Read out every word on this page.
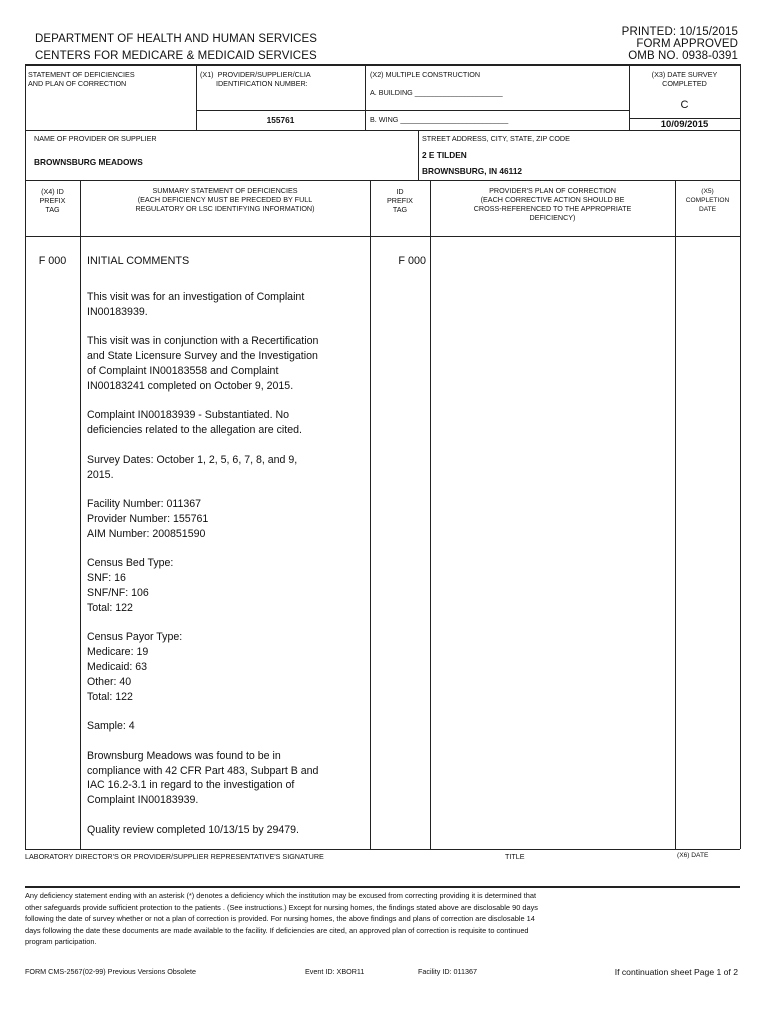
DEPARTMENT OF HEALTH AND HUMAN SERVICES
CENTERS FOR MEDICARE & MEDICAID SERVICES
PRINTED: 10/15/2015
FORM APPROVED
OMB NO. 0938-0391
STATEMENT OF DEFICIENCIES
AND PLAN OF CORRECTION
(X1)  PROVIDER/SUPPLIER/CLIA
IDENTIFICATION NUMBER:
155761
(X2) MULTIPLE CONSTRUCTION
A. BUILDING ______________________
B. WING ___________________________
(X3) DATE SURVEY
COMPLETED
C
10/09/2015
NAME OF PROVIDER OR SUPPLIER
BROWNSBURG MEADOWS
STREET ADDRESS, CITY, STATE, ZIP CODE
2 E TILDEN
BROWNSBURG, IN 46112
(X4) ID
PREFIX
TAG
SUMMARY STATEMENT OF DEFICIENCIES
(EACH DEFICIENCY MUST BE PRECEDED BY FULL
REGULATORY OR LSC IDENTIFYING INFORMATION)
ID
PREFIX
TAG
PROVIDER'S PLAN OF CORRECTION
(EACH CORRECTIVE ACTION SHOULD BE
CROSS-REFERENCED TO THE APPROPRIATE
DEFICIENCY)
(X5)
COMPLETION
DATE
F 000	INITIAL COMMENTS	F 000

This visit was for an investigation of Complaint
IN00183939.

This visit was in conjunction with a Recertification
and State Licensure Survey and the Investigation
of Complaint IN00183558 and Complaint
IN00183241 completed on October 9, 2015.

Complaint IN00183939 - Substantiated. No
deficiencies related to the allegation are cited.

Survey Dates: October 1, 2, 5, 6, 7, 8, and 9,
2015.

Facility Number: 011367
Provider Number: 155761
AIM Number: 200851590

Census Bed Type:
SNF: 16
SNF/NF: 106
Total: 122

Census Payor Type:
Medicare: 19
Medicaid: 63
Other: 40
Total: 122

Sample: 4

Brownsburg Meadows was found to be in
compliance with 42 CFR Part 483, Subpart B and
IAC 16.2-3.1 in regard to the investigation of
Complaint IN00183939.

Quality review completed 10/13/15 by 29479.

LABORATORY DIRECTOR'S OR PROVIDER/SUPPLIER REPRESENTATIVE'S SIGNATURE	TITLE	(X6) DATE
Any deficiency statement ending with an asterisk (*) denotes a deficiency which the institution may be excused from correcting providing it is determined that
other safeguards provide sufficient protection to the patients . (See instructions.) Except for nursing homes, the findings stated above are disclosable 90 days
following the date of survey whether or not a plan of correction is provided. For nursing homes, the above findings and plans of correction are disclosable 14
days following the date these documents are made available to the facility. If deficiencies are cited, an approved plan of correction is requisite to continued
program participation.
FORM CMS-2567(02-99) Previous Versions Obsolete	Event ID: XBOR11	Facility ID: 011367	If continuation sheet Page 1 of 2
